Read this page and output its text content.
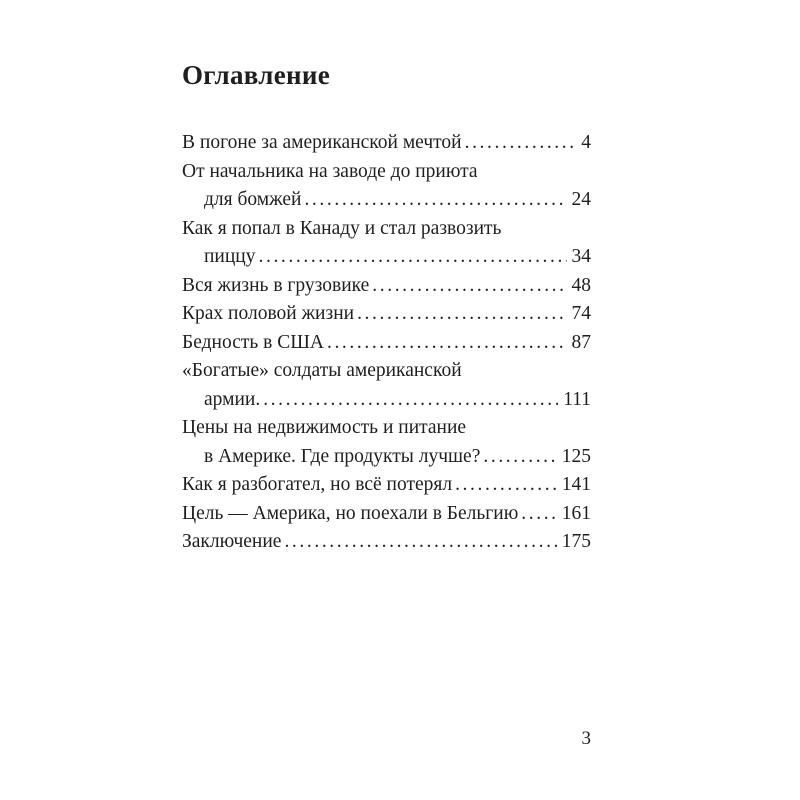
Оглавление
В погоне за американской мечтой .....	4
От начальника на заводе до приюта
для бомжей .....	24
Как я попал в Канаду и стал развозить
пиццу .....	34
Вся жизнь в грузовике .....	48
Крах половой жизни .....	74
Бедность в США .....	87
«Богатые» солдаты американской
армии. .....	111
Цены на недвижимость и питание
в Америке. Где продукты лучше? .....	125
Как я разбогател, но всё потерял .....	141
Цель — Америка, но поехали в Бельгию ..... 161
Заключение .....	175
3
